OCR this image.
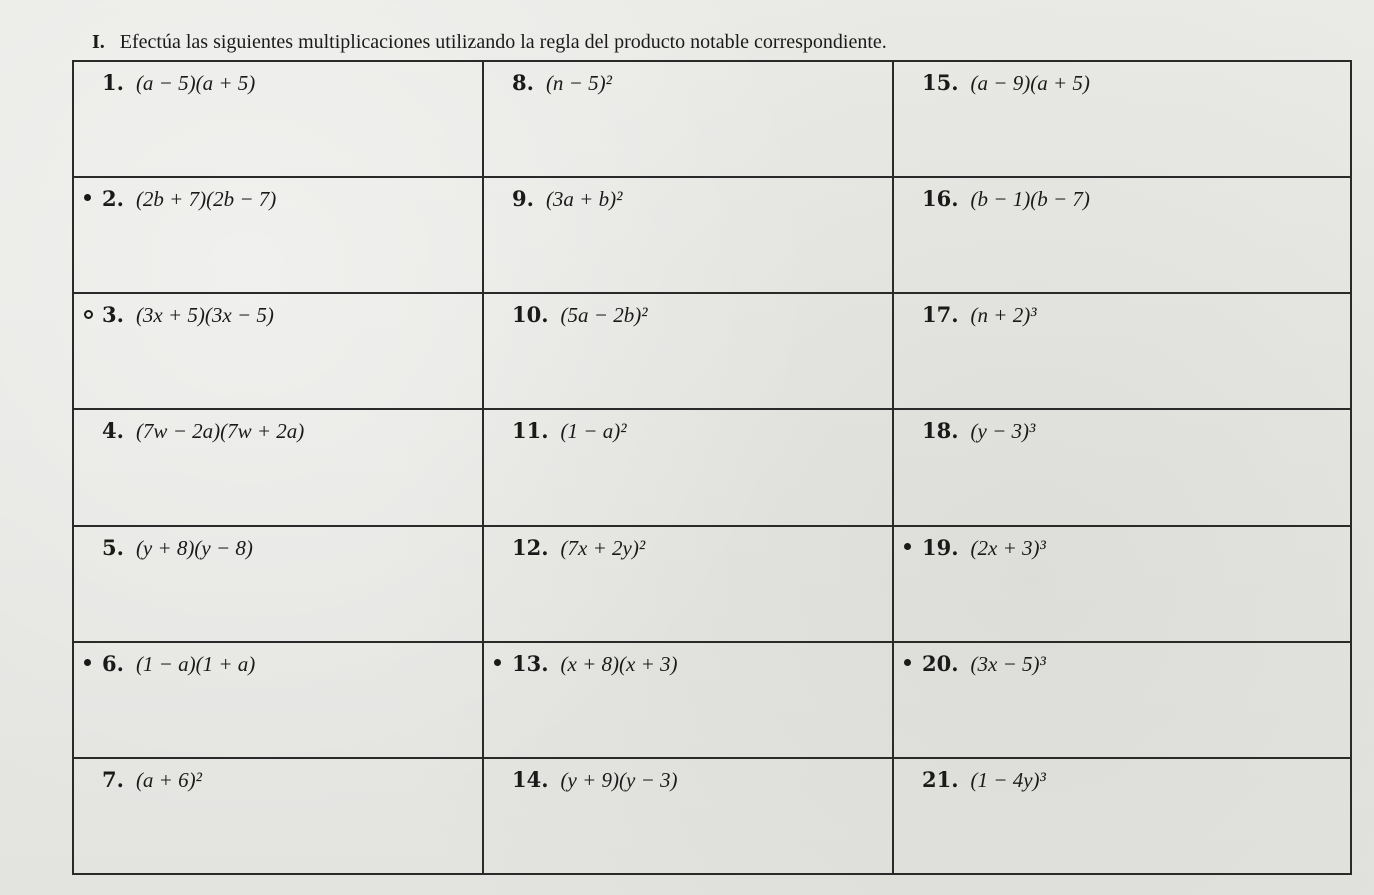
I. Efectúa las siguientes multiplicaciones utilizando la regla del producto notable correspondiente.
1. (a − 5)(a + 5)	8. (n − 5)²	15. (a − 9)(a + 5)

2. (2b + 7)(2b − 7)	9. (3a + b)²	16. (b − 1)(b − 7)

3. (3x + 5)(3x − 5)	10. (5a − 2b)²	17. (n + 2)³

4. (7w − 2a)(7w + 2a)	11. (1 − a)²	18. (y − 3)³

5. (y + 8)(y − 8)	12. (7x + 2y)²	19. (2x + 3)³

6. (1 − a)(1 + a)	13. (x + 8)(x + 3)	20. (3x − 5)³

7. (a + 6)²	14. (y + 9)(y − 3)	21. (1 − 4y)³
